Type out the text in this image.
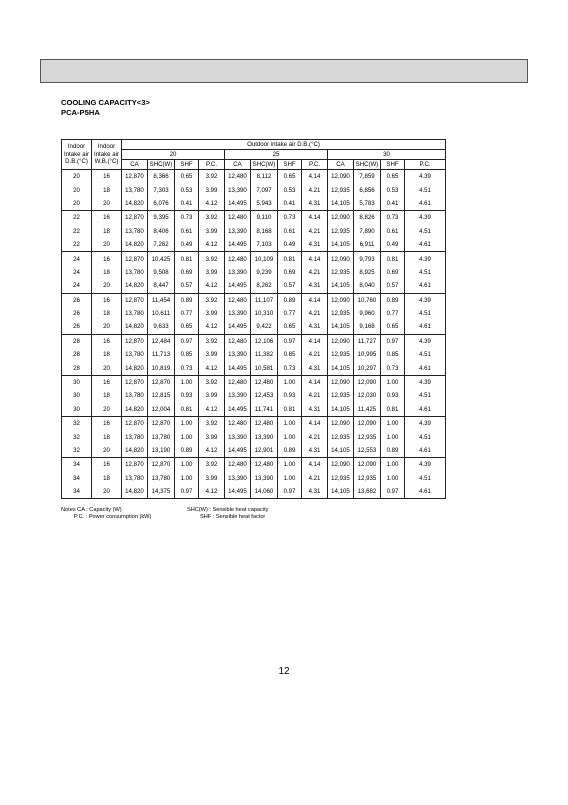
COOLING CAPACITY<3>
PCA-P5HA
Indoor Intake air D.B.(°C)	Indoor Intake air W.B.(°C)	Outdoor intake air D.B.(°C)											
		20				25				30			
		CA	SHC(W)	SHF	P.C.	CA	SHC(W)	SHF	P.C.	CA	SHC(W)	SHF	P.C.
20	16	12,870	8,366	0.65	3.92	12,480	8,112	0.65	4.14	12,090	7,859	0.65	4.39
20	18	13,780	7,303	0.53	3.99	13,390	7,097	0.53	4.21	12,935	6,856	0.53	4.51
20	20	14,820	6,076	0.41	4.12	14,495	5,943	0.41	4.31	14,105	5,783	0.41	4.61
22	16	12,870	9,395	0.73	3.92	12,480	9,110	0.73	4.14	12,090	8,826	0.73	4.39
22	18	13,780	8,406	0.61	3.99	13,390	8,168	0.61	4.21	12,935	7,890	0.61	4.51
22	20	14,820	7,262	0.49	4.12	14,495	7,103	0.49	4.31	14,105	6,911	0.49	4.61
24	16	12,870	10,425	0.81	3.92	12,480	10,109	0.81	4.14	12,090	9,793	0.81	4.39
24	18	13,780	9,508	0.69	3.99	13,390	9,239	0.69	4.21	12,935	8,925	0.69	4.51
24	20	14,820	8,447	0.57	4.12	14,495	8,262	0.57	4.31	14,105	8,040	0.57	4.61
26	16	12,870	11,454	0.89	3.92	12,480	11,107	0.89	4.14	12,090	10,760	0.89	4.39
26	18	13,780	10,611	0.77	3.99	13,390	10,310	0.77	4.21	12,935	9,960	0.77	4.51
26	20	14,820	9,633	0.65	4.12	14,495	9,422	0.65	4.31	14,105	9,168	0.65	4.61
28	16	12,870	12,484	0.97	3.92	12,480	12,106	0.97	4.14	12,090	11,727	0.97	4.39
28	18	13,780	11,713	0.85	3.99	13,390	11,382	0.85	4.21	12,935	10,995	0.85	4.51
28	20	14,820	10,819	0.73	4.12	14,495	10,581	0.73	4.31	14,105	10,297	0.73	4.61
30	16	12,870	12,870	1.00	3.92	12,480	12,480	1.00	4.14	12,090	12,090	1.00	4.39
30	18	13,780	12,815	0.93	3.99	13,390	12,453	0.93	4.21	12,935	12,030	0.93	4.51
30	20	14,820	12,004	0.81	4.12	14,495	11,741	0.81	4.31	14,105	11,425	0.81	4.61
32	16	12,870	12,870	1.00	3.92	12,480	12,480	1.00	4.14	12,090	12,090	1.00	4.39
32	18	13,780	13,780	1.00	3.99	13,390	13,390	1.00	4.21	12,935	12,935	1.00	4.51
32	20	14,820	13,190	0.89	4.12	14,495	12,901	0.89	4.31	14,105	12,553	0.89	4.61
34	16	12,870	12,870	1.00	3.92	12,480	12,480	1.00	4.14	12,090	12,090	1.00	4.39
34	18	13,780	13,780	1.00	3.99	13,390	13,390	1.00	4.21	12,935	12,935	1.00	4.51
34	20	14,820	14,375	0.97	4.12	14,495	14,060	0.97	4.31	14,105	13,682	0.97	4.61
Notes CA : Capacity (W)
P.C. : Power consumption (kW)
SHC(W) : Sensible heat capacity
SHF : Sensible heat factor
12
